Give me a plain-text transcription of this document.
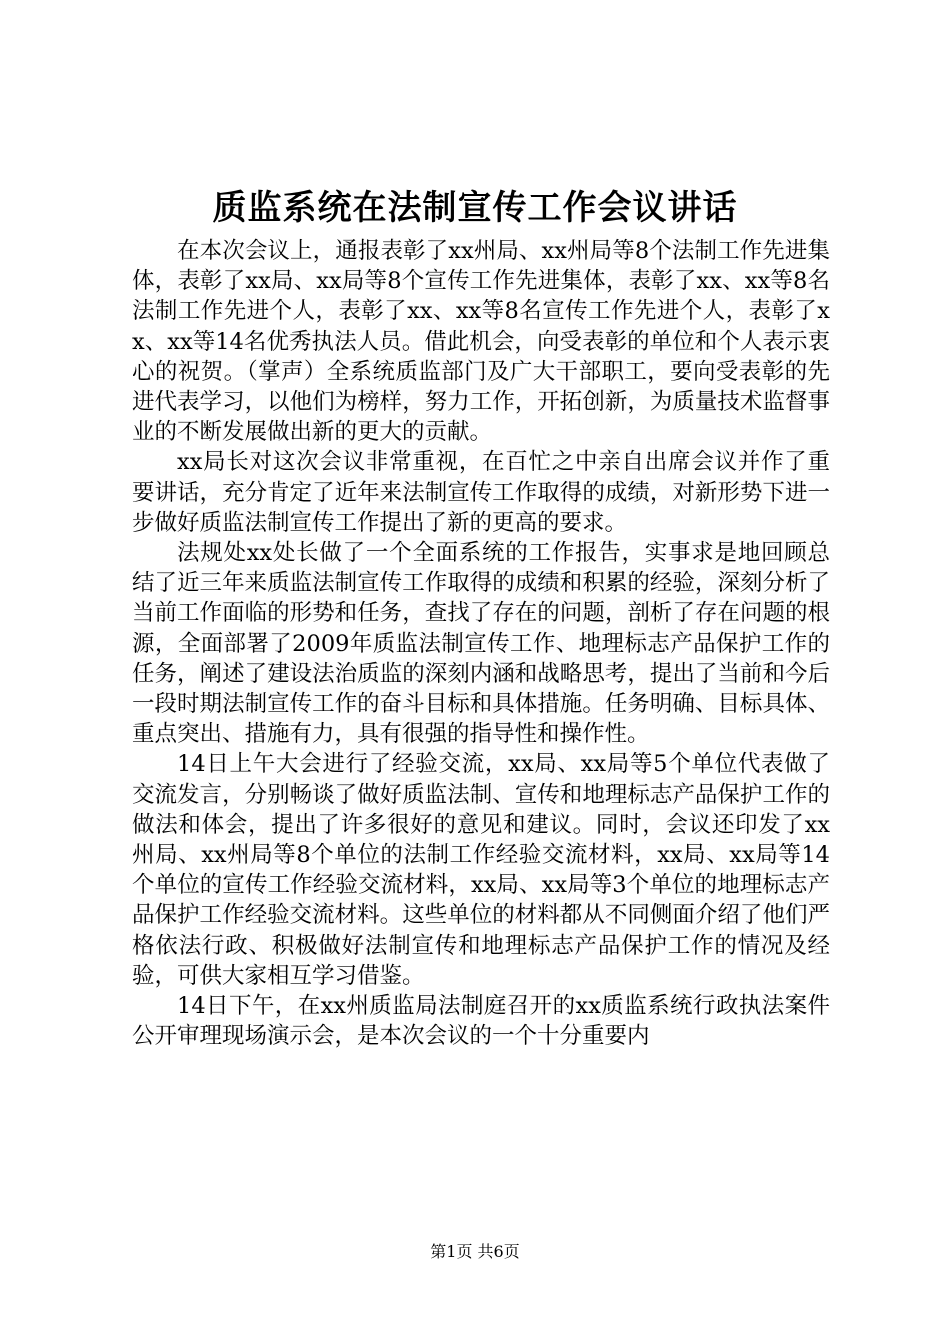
质监系统在法制宣传工作会议讲话

在本次会议上，通报表彰了xx州局、xx州局等8个法制工作先进集体，表彰了xx局、xx局等8个宣传工作先进集体，表彰了xx、xx等8名法制工作先进个人，表彰了xx、xx等8名宣传工作先进个人，表彰了xx、xx等14名优秀执法人员。借此机会，向受表彰的单位和个人表示衷心的祝贺。（掌声）全系统质监部门及广大干部职工，要向受表彰的先进代表学习，以他们为榜样，努力工作，开拓创新，为质量技术监督事业的不断发展做出新的更大的贡献。

xx局长对这次会议非常重视，在百忙之中亲自出席会议并作了重要讲话，充分肯定了近年来法制宣传工作取得的成绩，对新形势下进一步做好质监法制宣传工作提出了新的更高的要求。

法规处xx处长做了一个全面系统的工作报告，实事求是地回顾总结了近三年来质监法制宣传工作取得的成绩和积累的经验，深刻分析了当前工作面临的形势和任务，查找了存在的问题，剖析了存在问题的根源，全面部署了2009年质监法制宣传工作、地理标志产品保护工作的任务，阐述了建设法治质监的深刻内涵和战略思考，提出了当前和今后一段时期法制宣传工作的奋斗目标和具体措施。任务明确、目标具体、重点突出、措施有力，具有很强的指导性和操作性。

14日上午大会进行了经验交流，xx局、xx局等5个单位代表做了交流发言，分别畅谈了做好质监法制、宣传和地理标志产品保护工作的做法和体会，提出了许多很好的意见和建议。同时，会议还印发了xx州局、xx州局等8个单位的法制工作经验交流材料，xx局、xx局等14个单位的宣传工作经验交流材料，xx局、xx局等3个单位的地理标志产品保护工作经验交流材料。这些单位的材料都从不同侧面介绍了他们严格依法行政、积极做好法制宣传和地理标志产品保护工作的情况及经验，可供大家相互学习借鉴。

14日下午，在xx州质监局法制庭召开的xx质监系统行政执法案件公开审理现场演示会，是本次会议的一个十分重要内

第1页 共6页
